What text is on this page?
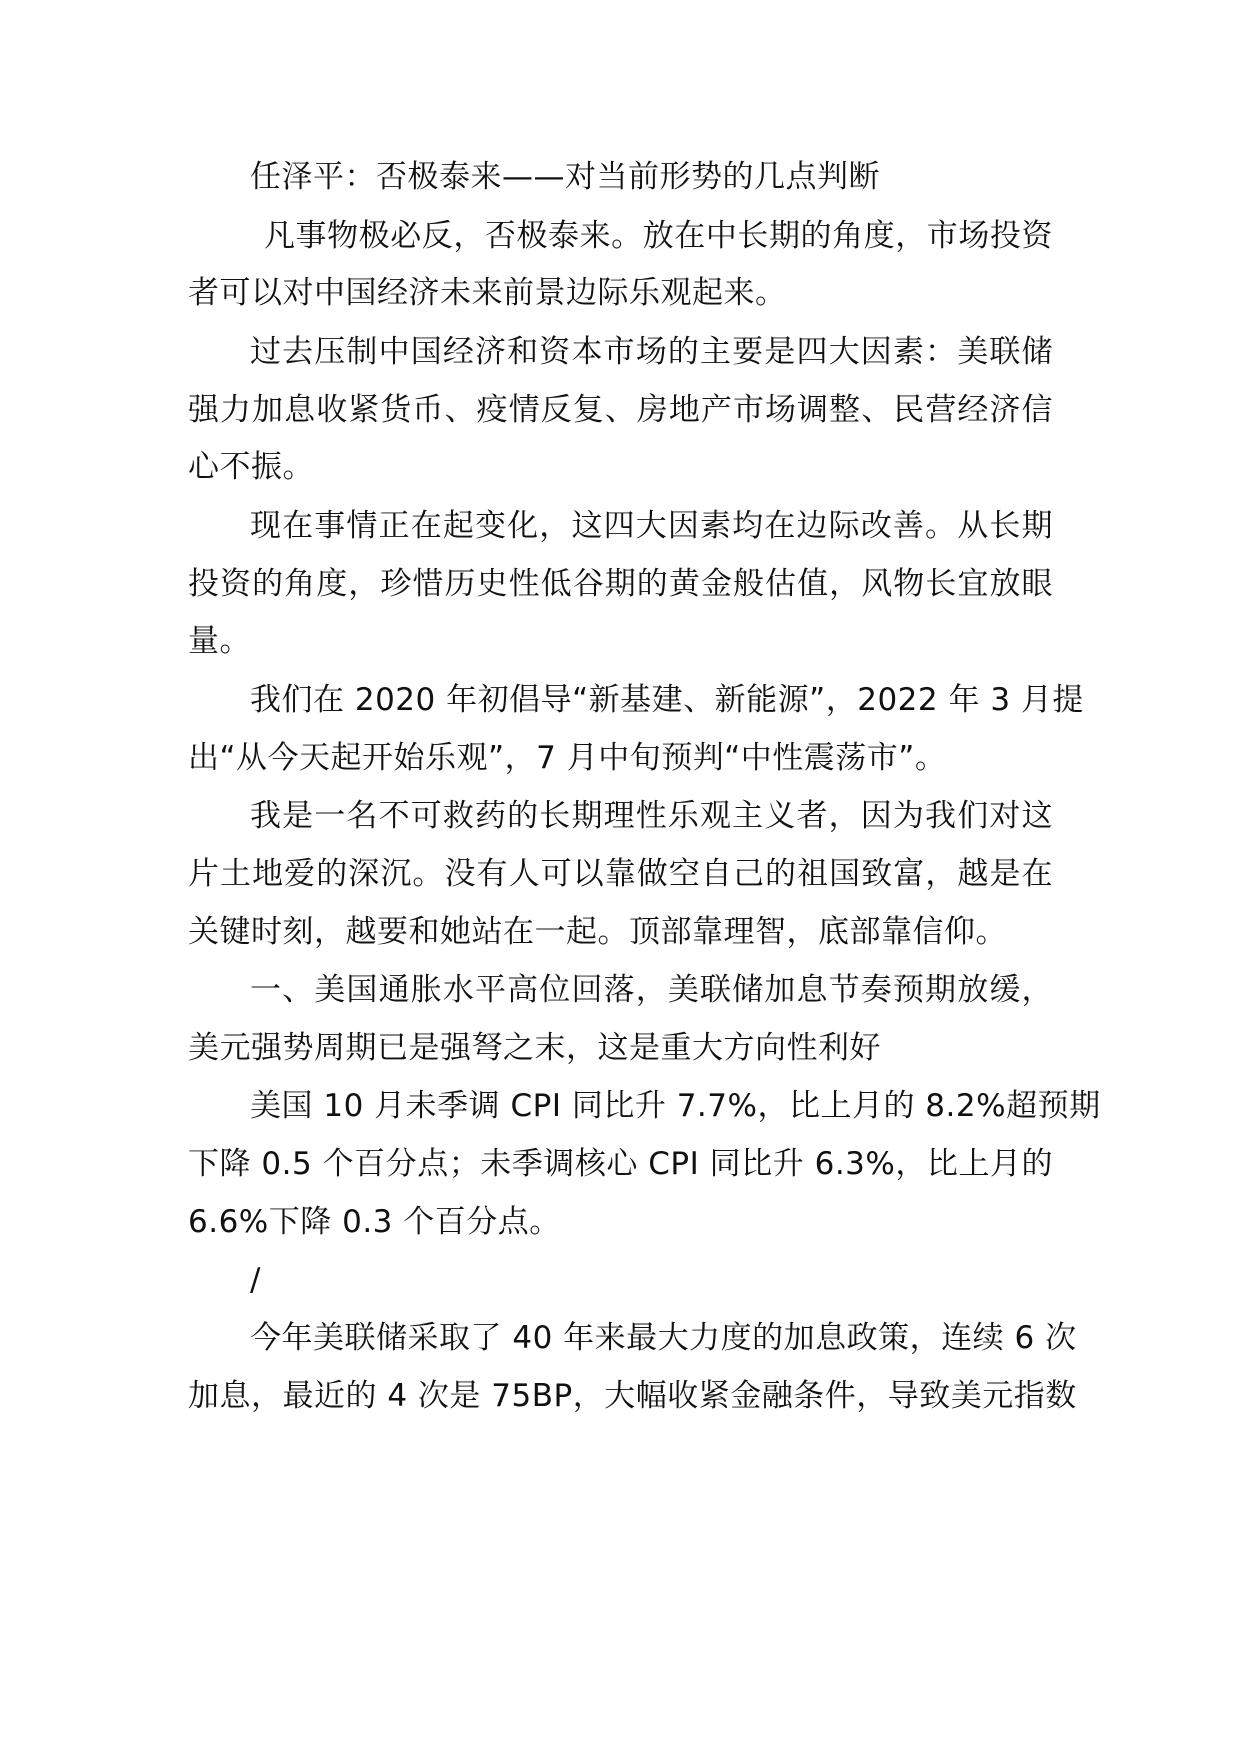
任泽平：否极泰来——对当前形势的几点判断
凡事物极必反，否极泰来。放在中长期的角度，市场投资
者可以对中国经济未来前景边际乐观起来。
过去压制中国经济和资本市场的主要是四大因素：美联储
强力加息收紧货币、疫情反复、房地产市场调整、民营经济信
心不振。
现在事情正在起变化，这四大因素均在边际改善。从长期
投资的角度，珍惜历史性低谷期的黄金般估值，风物长宜放眼
量。
我们在 2020 年初倡导“新基建、新能源”，2022 年 3 月提
出“从今天起开始乐观”，7 月中旬预判“中性震荡市”。
我是一名不可救药的长期理性乐观主义者，因为我们对这
片土地爱的深沉。没有人可以靠做空自己的祖国致富，越是在
关键时刻，越要和她站在一起。顶部靠理智，底部靠信仰。
一、美国通胀水平高位回落，美联储加息节奏预期放缓，
美元强势周期已是强弩之末，这是重大方向性利好
美国 10 月未季调 CPI 同比升 7.7%，比上月的 8.2%超预期
下降 0.5 个百分点；未季调核心 CPI 同比升 6.3%，比上月的
6.6%下降 0.3 个百分点。
/
今年美联储采取了 40 年来最大力度的加息政策，连续 6 次
加息，最近的 4 次是 75BP，大幅收紧金融条件，导致美元指数
